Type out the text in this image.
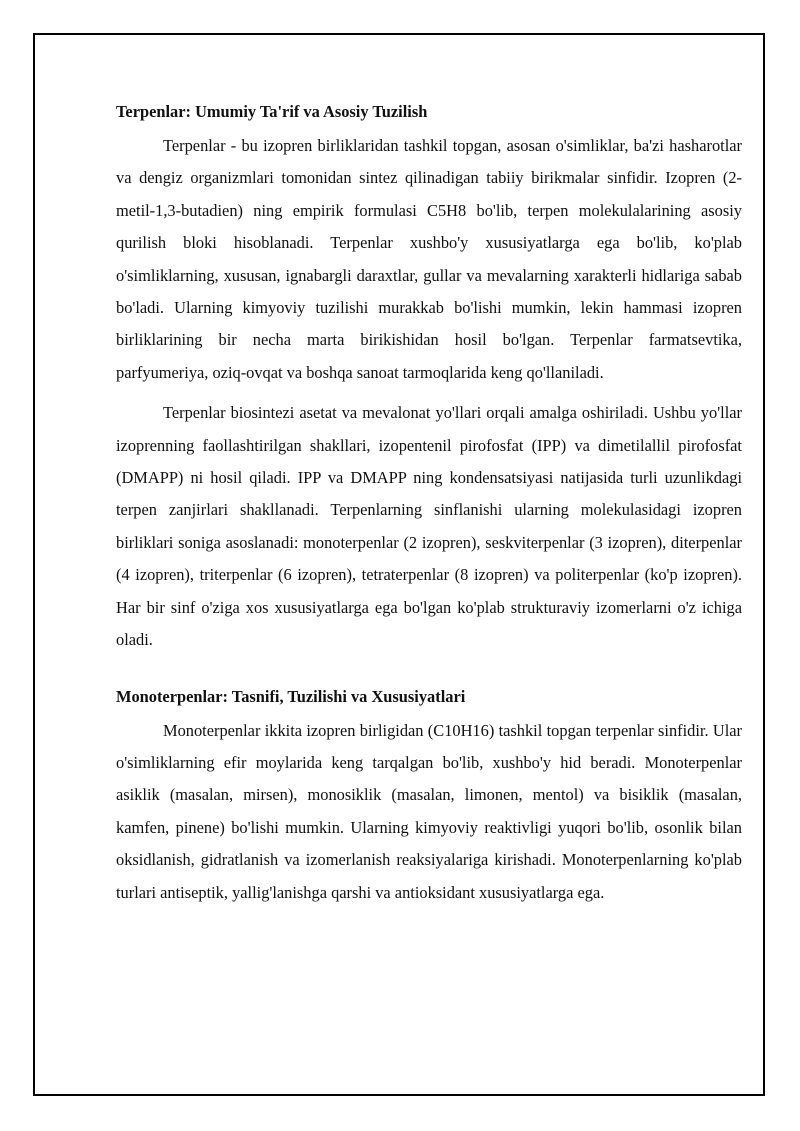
Terpenlar: Umumiy Ta'rif va Asosiy Tuzilish

Terpenlar - bu izopren birliklaridan tashkil topgan, asosan o'simliklar, ba'zi hasharotlar va dengiz organizmlari tomonidan sintez qilinadigan tabiiy birikmalar sinfidir. Izopren (2-metil-1,3-butadien) ning empirik formulasi C5H8 bo'lib, terpen molekulalarining asosiy qurilish bloki hisoblanadi. Terpenlar xushbo'y xususiyatlarga ega bo'lib, ko'plab o'simliklarning, xususan, ignabargli daraxtlar, gullar va mevalarning xarakterli hidlariga sabab bo'ladi. Ularning kimyoviy tuzilishi murakkab bo'lishi mumkin, lekin hammasi izopren birliklarining bir necha marta birikishidan hosil bo'lgan. Terpenlar farmatsevtika, parfyumeriya, oziq-ovqat va boshqa sanoat tarmoqlarida keng qo'llaniladi.

Terpenlar biosintezi asetat va mevalonat yo'llari orqali amalga oshiriladi. Ushbu yo'llar izoprenning faollashtirilgan shakllari, izopentenil pirofosfat (IPP) va dimetilallil pirofosfat (DMAPP) ni hosil qiladi. IPP va DMAPP ning kondensatsiyasi natijasida turli uzunlikdagi terpen zanjirlari shakllanadi. Terpenlarning sinflanishi ularning molekulasidagi izopren birliklari soniga asoslanadi: monoterpenlar (2 izopren), seskviterpenlar (3 izopren), diterpenlar (4 izopren), triterpenlar (6 izopren), tetraterpenlar (8 izopren) va politerpenlar (ko'p izopren). Har bir sinf o'ziga xos xususiyatlarga ega bo'lgan ko'plab strukturaviy izomerlarni o'z ichiga oladi.

Monoterpenlar: Tasnifi, Tuzilishi va Xususiyatlari

Monoterpenlar ikkita izopren birligidan (C10H16) tashkil topgan terpenlar sinfidir. Ular o'simliklarning efir moylarida keng tarqalgan bo'lib, xushbo'y hid beradi. Monoterpenlar asiklik (masalan, mirsen), monosiklik (masalan, limonen, mentol) va bisiklik (masalan, kamfen, pinene) bo'lishi mumkin. Ularning kimyoviy reaktivligi yuqori bo'lib, osonlik bilan oksidlanish, gidratlanish va izomerlanish reaksiyalariga kirishadi. Monoterpenlarning ko'plab turlari antiseptik, yallig'lanishga qarshi va antioksidant xususiyatlarga ega.
